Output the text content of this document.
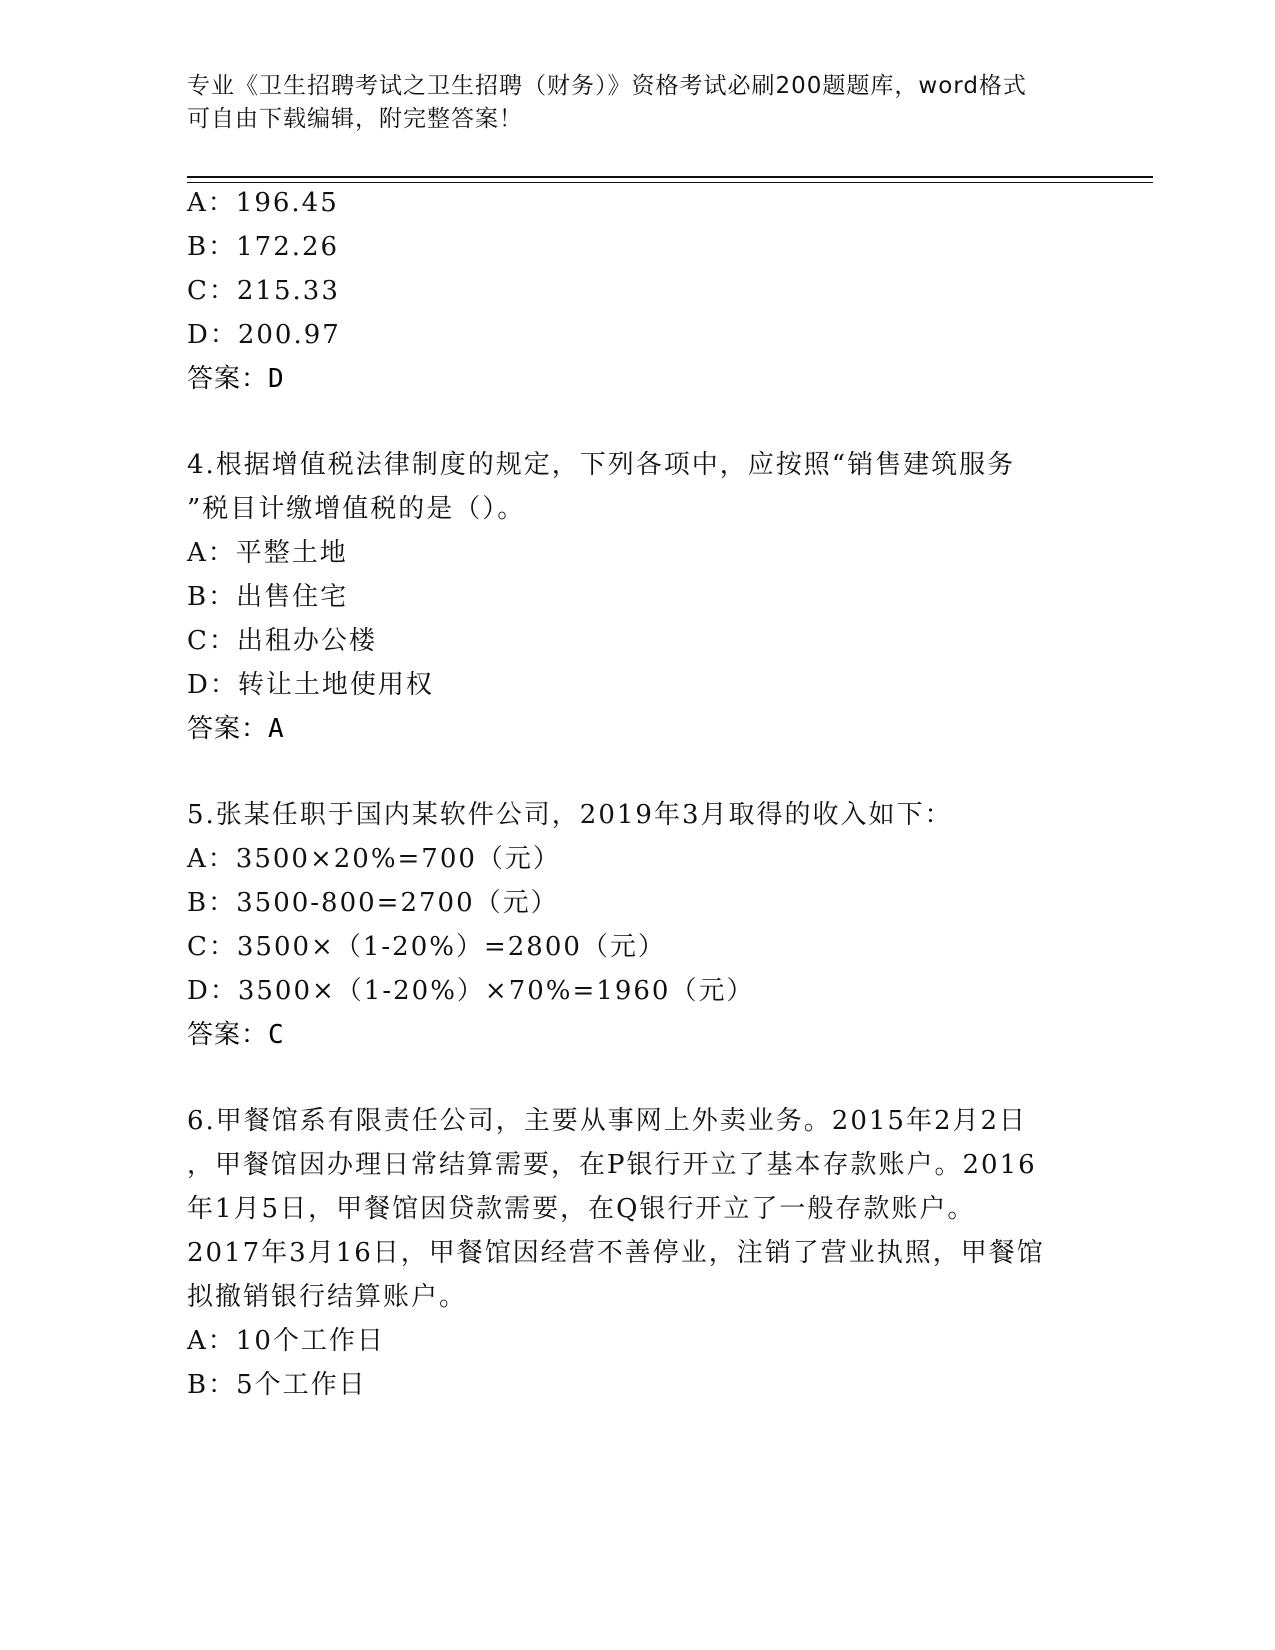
专业《卫生招聘考试之卫生招聘（财务）》资格考试必刷200题题库，word格式
可自由下载编辑，附完整答案！
A：196.45
B：172.26
C：215.33
D：200.97
答案：D
4.根据增值税法律制度的规定，下列各项中，应按照“销售建筑服务
”税目计缴增值税的是（）。
A：平整土地
B：出售住宅
C：出租办公楼
D：转让土地使用权
答案：A
5.张某任职于国内某软件公司，2019年3月取得的收入如下：
A：3500×20%=700（元）
B：3500-800=2700（元）
C：3500×（1-20%）=2800（元）
D：3500×（1-20%）×70%=1960（元）
答案：C
6.甲餐馆系有限责任公司，主要从事网上外卖业务。2015年2月2日
，甲餐馆因办理日常结算需要，在P银行开立了基本存款账户。2016
年1月5日，甲餐馆因贷款需要，在Q银行开立了一般存款账户。
2017年3月16日，甲餐馆因经营不善停业，注销了营业执照，甲餐馆
拟撤销银行结算账户。
A：10个工作日
B：5个工作日
